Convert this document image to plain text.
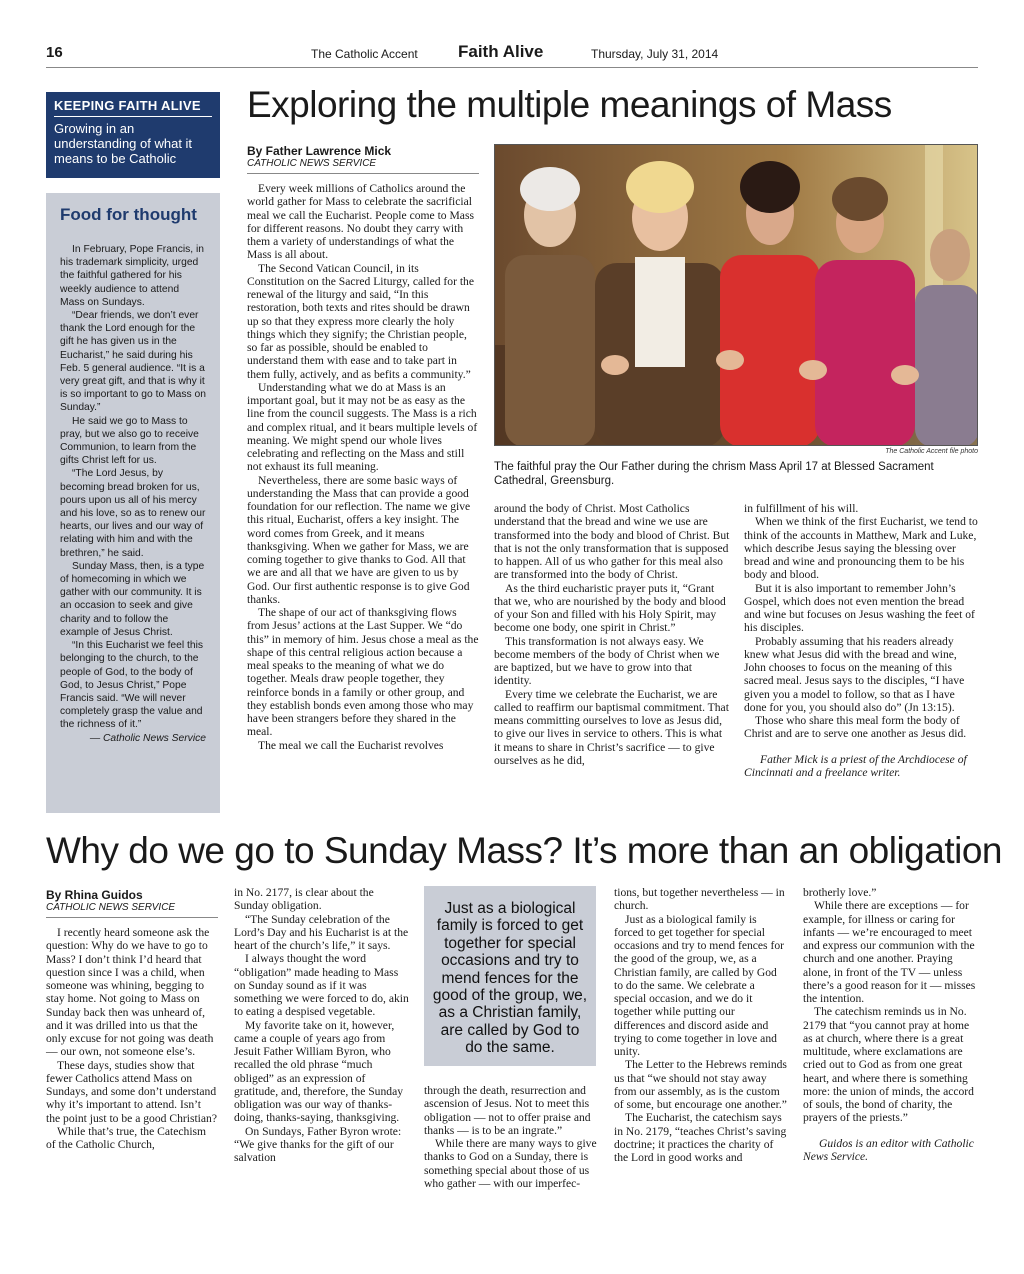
16	The Catholic Accent Faith Alive	Thursday, July 31, 2014
KEEPING FAITH ALIVE
Growing in an understanding of what it means to be Catholic
Food for thought

In February, Pope Francis, in his trademark simplicity, urged the faithful gathered for his weekly audience to attend Mass on Sundays.

“Dear friends, we don’t ever thank the Lord enough for the gift he has given us in the Eucharist,” he said during his Feb. 5 general audience. “It is a very great gift, and that is why it is so important to go to Mass on Sunday.”

He said we go to Mass to pray, but we also go to receive Communion, to learn from the gifts Christ left for us.

“The Lord Jesus, by becoming bread broken for us, pours upon us all of his mercy and his love, so as to renew our hearts, our lives and our way of relating with him and with the brethren,” he said.

Sunday Mass, then, is a type of homecoming in which we gather with our community. It is an occasion to seek and give charity and to follow the example of Jesus Christ.

“In this Eucharist we feel this belonging to the church, to the people of God, to the body of God, to Jesus Christ,” Pope Francis said. “We will never completely grasp the value and the richness of it.”

— Catholic News Service

Exploring the multiple meanings of Mass
By Father Lawrence Mick
CATHOLIC NEWS SERVICE

Every week millions of Catholics around the world gather for Mass to celebrate the sacrificial meal we call the Eucharist. People come to Mass for different reasons. No doubt they carry with them a variety of understandings of what the Mass is all about.

The Second Vatican Council, in its Constitution on the Sacred Liturgy, called for the renewal of the liturgy and said, “In this restoration, both texts and rites should be drawn up so that they express more clearly the holy things which they signify; the Christian people, so far as possible, should be enabled to understand them with ease and to take part in them fully, actively, and as befits a community.”

Understanding what we do at Mass is an important goal, but it may not be as easy as the line from the council suggests. The Mass is a rich and complex ritual, and it bears multiple levels of meaning. We might spend our whole lives celebrating and reflecting on the Mass and still not exhaust its full meaning.

Nevertheless, there are some basic ways of understanding the Mass that can provide a good foundation for our reflection. The name we give this ritual, Eucharist, offers a key insight. The word comes from Greek, and it means thanksgiving. When we gather for Mass, we are coming together to give thanks to God. All that we are and all that we have are given to us by God. Our first authentic response is to give God thanks.

The shape of our act of thanksgiving flows from Jesus’ actions at the Last Supper. We “do this” in memory of him. Jesus chose a meal as the shape of this central religious action because a meal speaks to the meaning of what we do together. Meals draw people together, they reinforce bonds in a family or other group, and they establish bonds even among those who may have been strangers before they shared in the meal.

The meal we call the Eucharist revolves

The Catholic Accent file photo
The faithful pray the Our Father during the chrism Mass April 17 at Blessed Sacrament Cathedral, Greensburg.

around the body of Christ. Most Catholics understand that the bread and wine we use are transformed into the body and blood of Christ. But that is not the only transformation that is supposed to happen. All of us who gather for this meal also are transformed into the body of Christ.

As the third eucharistic prayer puts it, “Grant that we, who are nourished by the body and blood of your Son and filled with his Holy Spirit, may become one body, one spirit in Christ.”

This transformation is not always easy. We become members of the body of Christ when we are baptized, but we have to grow into that identity.

Every time we celebrate the Eucharist, we are called to reaffirm our baptismal commitment. That means committing ourselves to love as Jesus did, to give our lives in service to others. This is what it means to share in Christ’s sacrifice — to give ourselves as he did,

in fulfillment of his will.

When we think of the first Eucharist, we tend to think of the accounts in Matthew, Mark and Luke, which describe Jesus saying the blessing over bread and wine and pronouncing them to be his body and blood.

But it is also important to remember John’s Gospel, which does not even mention the bread and wine but focuses on Jesus washing the feet of his disciples.

Probably assuming that his readers already knew what Jesus did with the bread and wine, John chooses to focus on the meaning of this sacred meal. Jesus says to the disciples, “I have given you a model to follow, so that as I have done for you, you should also do” (Jn 13:15).

Those who share this meal form the body of Christ and are to serve one another as Jesus did.

Father Mick is a priest of the Archdiocese of Cincinnati and a freelance writer.

Why do we go to Sunday Mass? It’s more than an obligation
By Rhina Guidos
CATHOLIC NEWS SERVICE

I recently heard someone ask the question: Why do we have to go to Mass? I don’t think I’d heard that question since I was a child, when someone was whining, begging to stay home. Not going to Mass on Sunday back then was unheard of, and it was drilled into us that the only excuse for not going was death — our own, not someone else’s.

These days, studies show that fewer Catholics attend Mass on Sundays, and some don’t understand why it’s important to attend. Isn’t the point just to be a good Christian?

While that’s true, the Catechism of the Catholic Church,

in No. 2177, is clear about the Sunday obligation.

“The Sunday celebration of the Lord’s Day and his Eucharist is at the heart of the church’s life,” it says.

I always thought the word “obligation” made heading to Mass on Sunday sound as if it was something we were forced to do, akin to eating a despised vegetable.

My favorite take on it, however, came a couple of years ago from Jesuit Father William Byron, who recalled the old phrase “much obliged” as an expression of gratitude, and, therefore, the Sunday obligation was our way of thanks-doing, thanks-saying, thanksgiving.

On Sundays, Father Byron wrote: “We give thanks for the gift of our salvation

Just as a biological family is forced to get together for special occasions and try to mend fences for the good of the group, we, as a Christian family, are called by God to do the same.

through the death, resurrection and ascension of Jesus. Not to meet this obligation — not to offer praise and thanks — is to be an ingrate.”

While there are many ways to give thanks to God on a Sunday, there is something special about those of us who gather — with our imperfec-

tions, but together nevertheless — in church.

Just as a biological family is forced to get together for special occasions and try to mend fences for the good of the group, we, as a Christian family, are called by God to do the same. We celebrate a special occasion, and we do it together while putting our differences and discord aside and trying to come together in love and unity.

The Letter to the Hebrews reminds us that “we should not stay away from our assembly, as is the custom of some, but encourage one another.”

The Eucharist, the catechism says in No. 2179, “teaches Christ’s saving doctrine; it practices the charity of the Lord in good works and

brotherly love.”

While there are exceptions — for example, for illness or caring for infants — we’re encouraged to meet and express our communion with the church and one another. Praying alone, in front of the TV — unless there’s a good reason for it — misses the intention.

The catechism reminds us in No. 2179 that “you cannot pray at home as at church, where there is a great multitude, where exclamations are cried out to God as from one great heart, and where there is something more: the union of minds, the accord of souls, the bond of charity, the prayers of the priests.”

Guidos is an editor with Catholic News Service.
